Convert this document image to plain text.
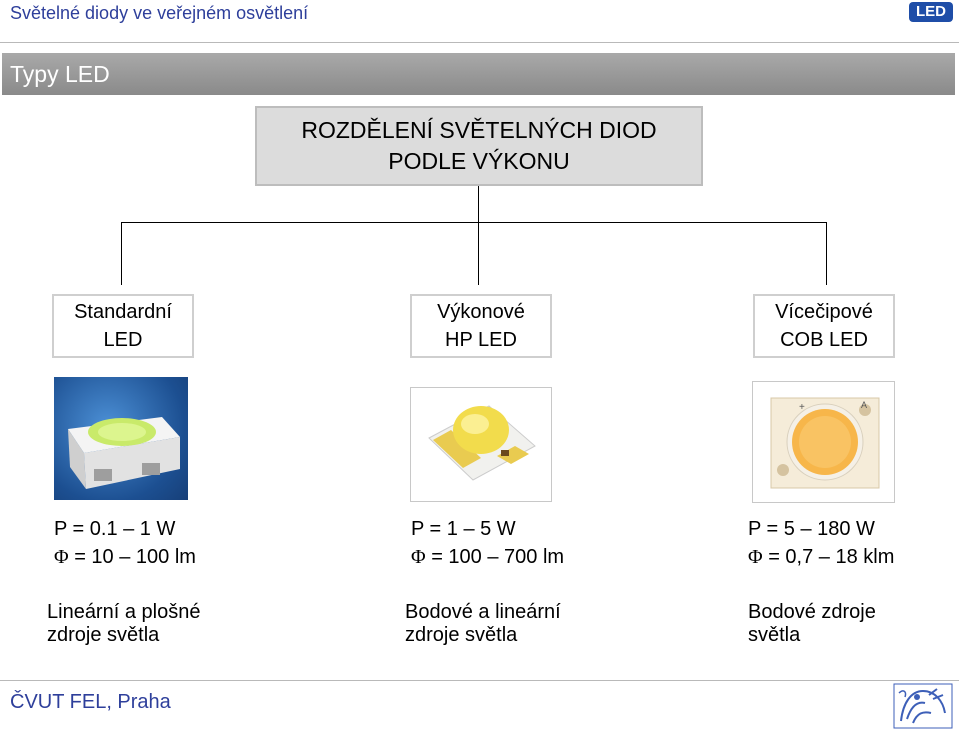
Světelné diody ve veřejném osvětlení	LED
Typy LED
ROZDĚLENÍ SVĚTELNÝCH DIOD
PODLE VÝKONU
Standardní
LED
Výkonové
HP LED
Vícečipové
COB LED
+	A
P = 0.1 – 1 W
Φ = 10 – 100 lm
P = 1 – 5 W
Φ = 100 – 700 lm
P = 5 – 180 W
Φ = 0,7 – 18 klm
Lineární a plošné
zdroje světla
Bodové a lineární
zdroje světla
Bodové zdroje
světla
ČVUT FEL, Praha
